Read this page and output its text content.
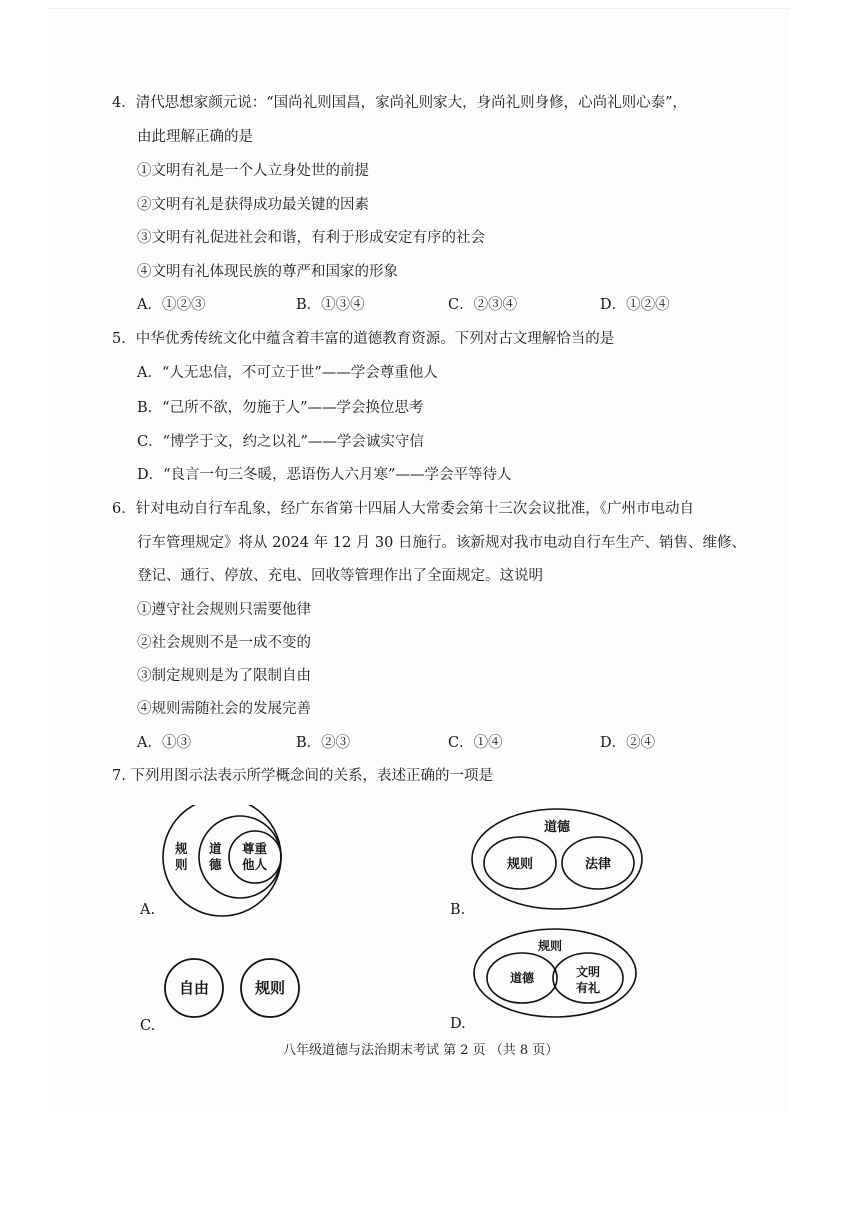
4．清代思想家颜元说：“国尚礼则国昌，家尚礼则家大，身尚礼则身修，心尚礼则心泰”，
由此理解正确的是
①文明有礼是一个人立身处世的前提
②文明有礼是获得成功最关键的因素
③文明有礼促进社会和谐，有利于形成安定有序的社会
④文明有礼体现民族的尊严和国家的形象
A．①②③	B．①③④	C．②③④	D．①②④
5．中华优秀传统文化中蕴含着丰富的道德教育资源。下列对古文理解恰当的是
A．“人无忠信，不可立于世”——学会尊重他人
B．“己所不欲，勿施于人”——学会换位思考
C．“博学于文，约之以礼”——学会诚实守信
D．“良言一句三冬暖，恶语伤人六月寒”——学会平等待人
6．针对电动自行车乱象，经广东省第十四届人大常委会第十三次会议批准，《广州市电动自
行车管理规定》将从 2024 年 12 月 30 日施行。该新规对我市电动自行车生产、销售、维修、
登记、通行、停放、充电、回收等管理作出了全面规定。这说明
①遵守社会规则只需要他律
②社会规则不是一成不变的
③制定规则是为了限制自由
④规则需随社会的发展完善
A．①③	B．②③	C．①④	D．②④
7. 下列用图示法表示所学概念间的关系，表述正确的一项是
规
则
道
德
尊重
他人
A.
道德
规则	法律
B.
自由	规则
C.
规则
道德	文明
有礼
D.
八年级道德与法治期末考试 第 2 页 （共 8 页）
